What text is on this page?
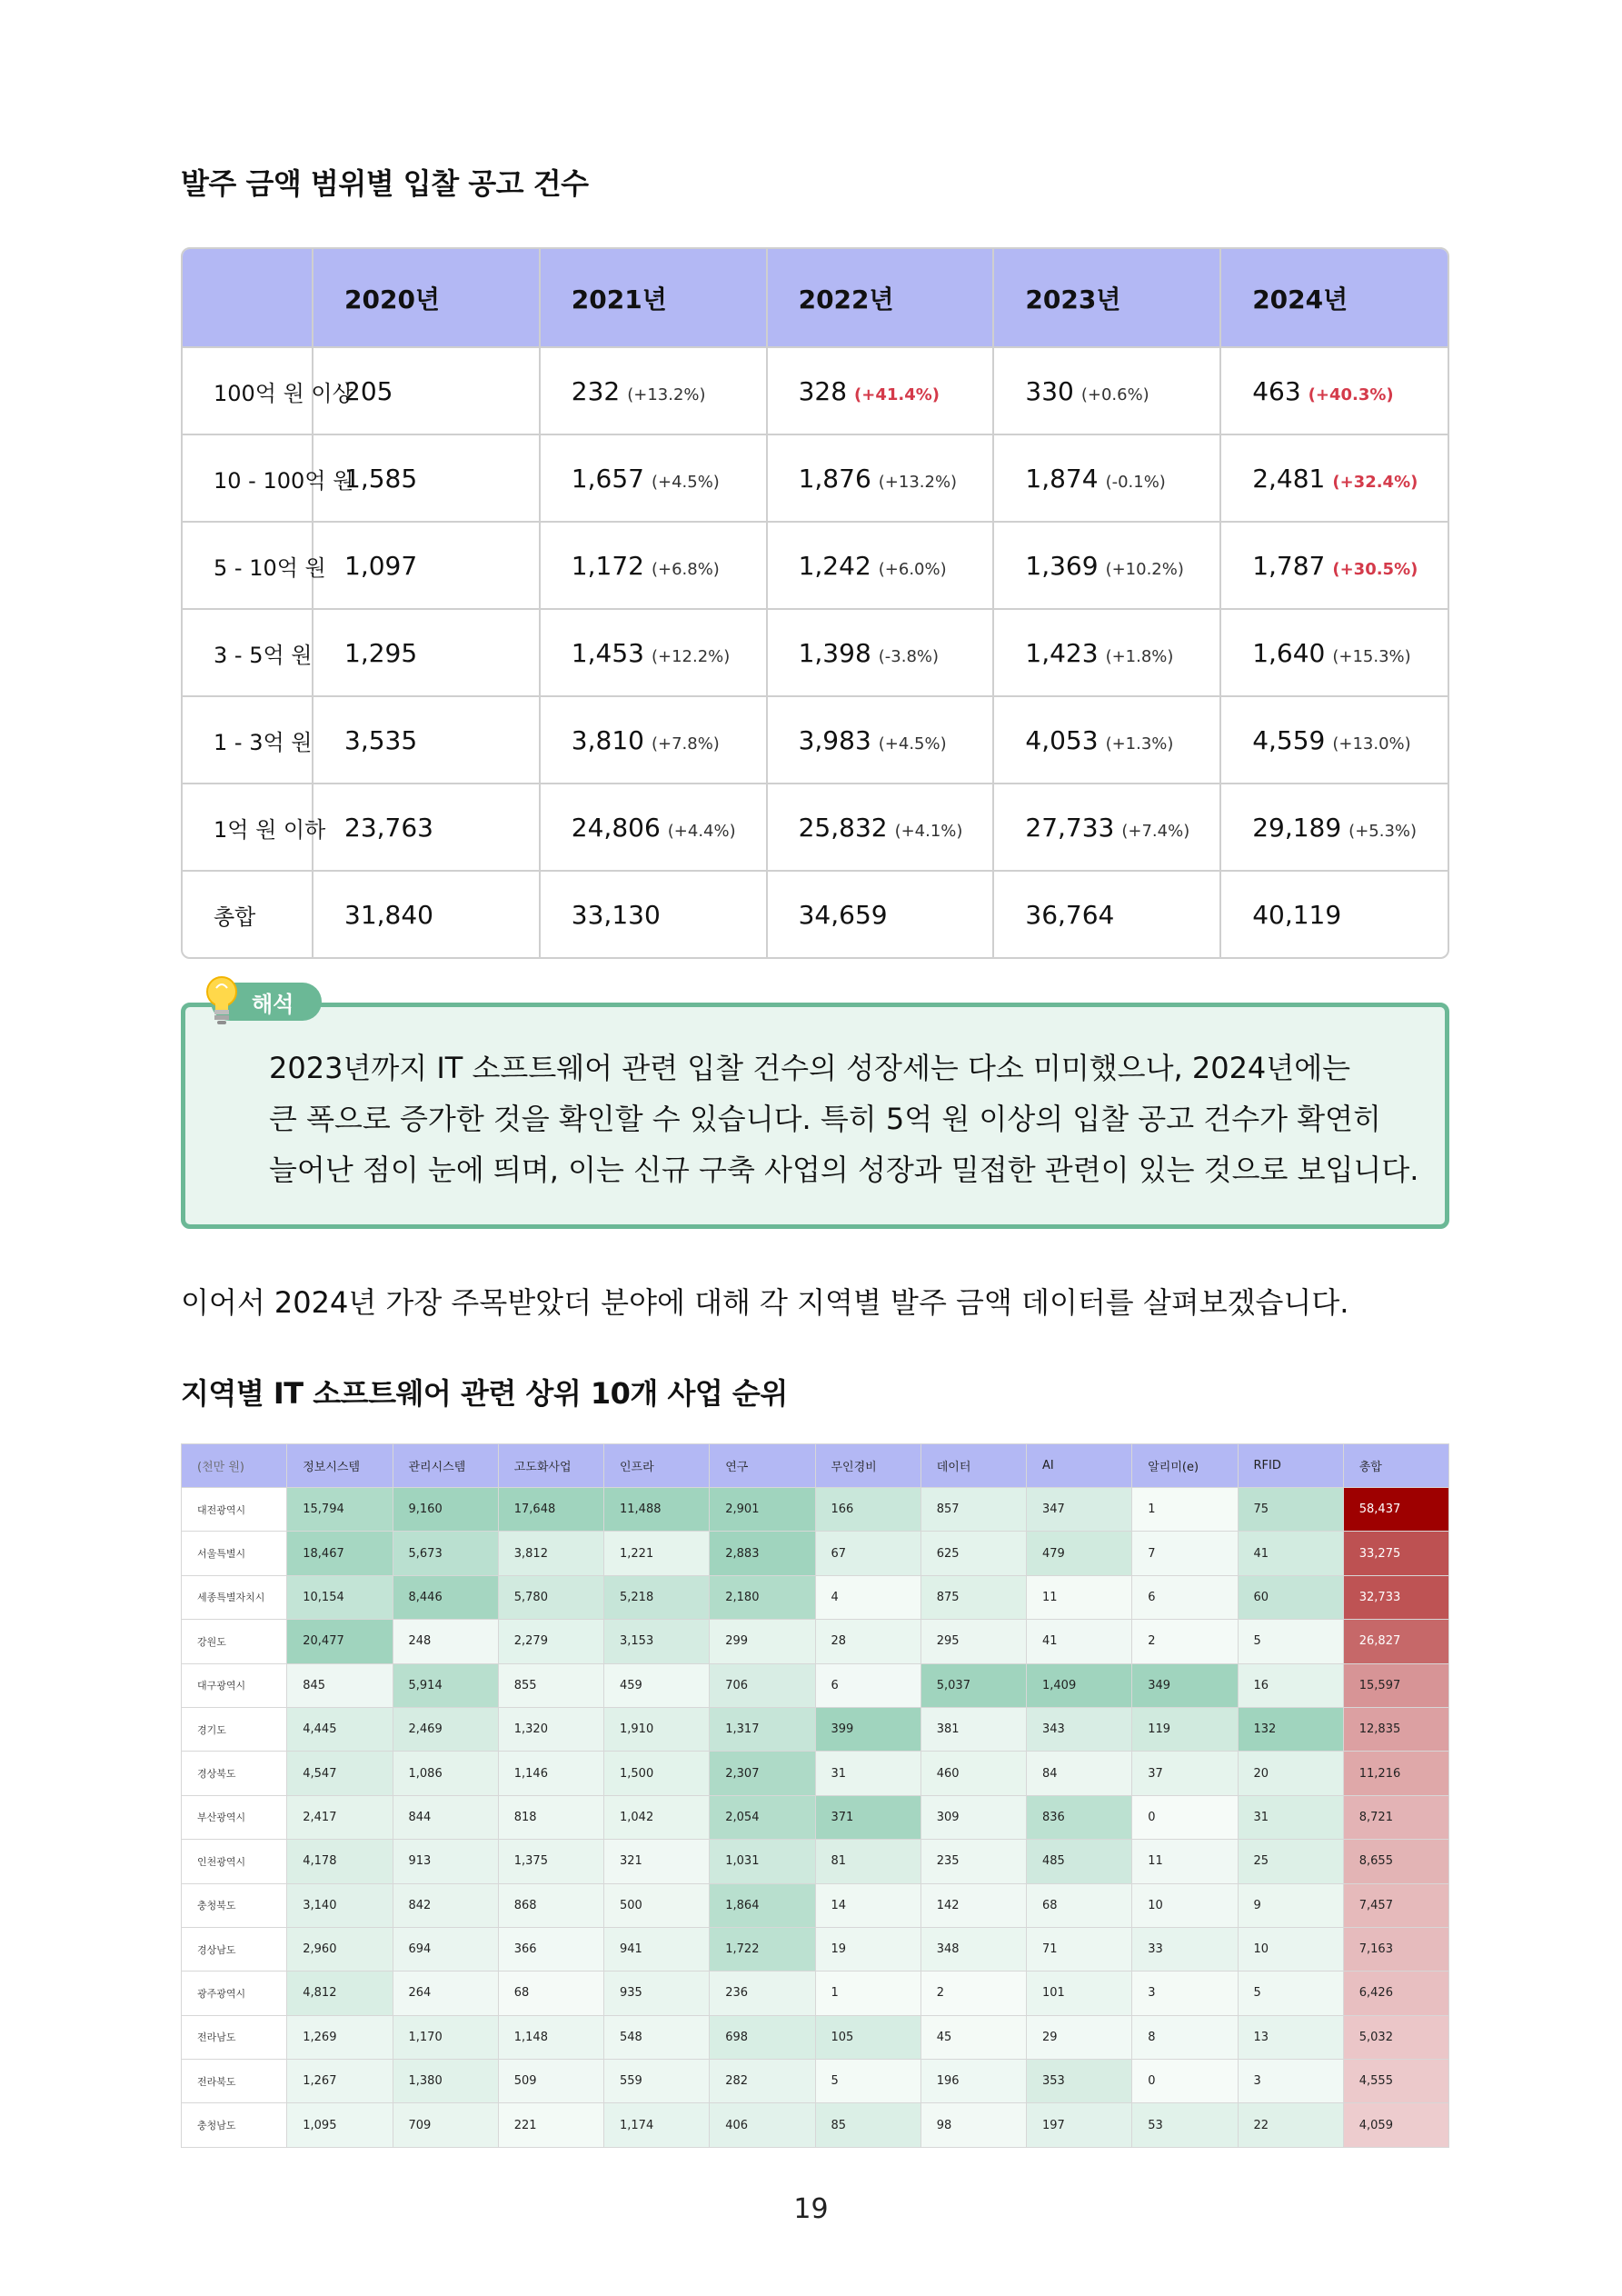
발주 금액 범위별 입찰 공고 건수
	2020년	2021년	2022년	2023년	2024년
100억 원 이상	205	232 (+13.2%)	328 (+41.4%)	330 (+0.6%)	463 (+40.3%)
10 - 100억 원	1,585	1,657 (+4.5%)	1,876 (+13.2%)	1,874 (-0.1%)	2,481 (+32.4%)
5 - 10억 원	1,097	1,172 (+6.8%)	1,242 (+6.0%)	1,369 (+10.2%)	1,787 (+30.5%)
3 - 5억 원	1,295	1,453 (+12.2%)	1,398 (-3.8%)	1,423 (+1.8%)	1,640 (+15.3%)
1 - 3억 원	3,535	3,810 (+7.8%)	3,983 (+4.5%)	4,053 (+1.3%)	4,559 (+13.0%)
1억 원 이하	23,763	24,806 (+4.4%)	25,832 (+4.1%)	27,733 (+7.4%)	29,189 (+5.3%)
총합	31,840	33,130	34,659	36,764	40,119
해석
2023년까지 IT 소프트웨어 관련 입찰 건수의 성장세는 다소 미미했으나, 2024년에는
큰 폭으로 증가한 것을 확인할 수 있습니다. 특히 5억 원 이상의 입찰 공고 건수가 확연히
늘어난 점이 눈에 띄며, 이는 신규 구축 사업의 성장과 밀접한 관련이 있는 것으로 보입니다.
이어서 2024년 가장 주목받았더 분야에 대해 각 지역별 발주 금액 데이터를 살펴보겠습니다.
지역별 IT 소프트웨어 관련 상위 10개 사업 순위
(천만 원)	정보시스템	관리시스템	고도화사업	인프라	연구	무인경비	데이터	AI	알리미(e)	RFID	총합
대전광역시	15,794	9,160	17,648	11,488	2,901	166	857	347	1	75	58,437
서울특별시	18,467	5,673	3,812	1,221	2,883	67	625	479	7	41	33,275
세종특별자치시	10,154	8,446	5,780	5,218	2,180	4	875	11	6	60	32,733
강원도	20,477	248	2,279	3,153	299	28	295	41	2	5	26,827
대구광역시	845	5,914	855	459	706	6	5,037	1,409	349	16	15,597
경기도	4,445	2,469	1,320	1,910	1,317	399	381	343	119	132	12,835
경상북도	4,547	1,086	1,146	1,500	2,307	31	460	84	37	20	11,216
부산광역시	2,417	844	818	1,042	2,054	371	309	836	0	31	8,721
인천광역시	4,178	913	1,375	321	1,031	81	235	485	11	25	8,655
충청북도	3,140	842	868	500	1,864	14	142	68	10	9	7,457
경상남도	2,960	694	366	941	1,722	19	348	71	33	10	7,163
광주광역시	4,812	264	68	935	236	1	2	101	3	5	6,426
전라남도	1,269	1,170	1,148	548	698	105	45	29	8	13	5,032
전라북도	1,267	1,380	509	559	282	5	196	353	0	3	4,555
충청남도	1,095	709	221	1,174	406	85	98	197	53	22	4,059
19
